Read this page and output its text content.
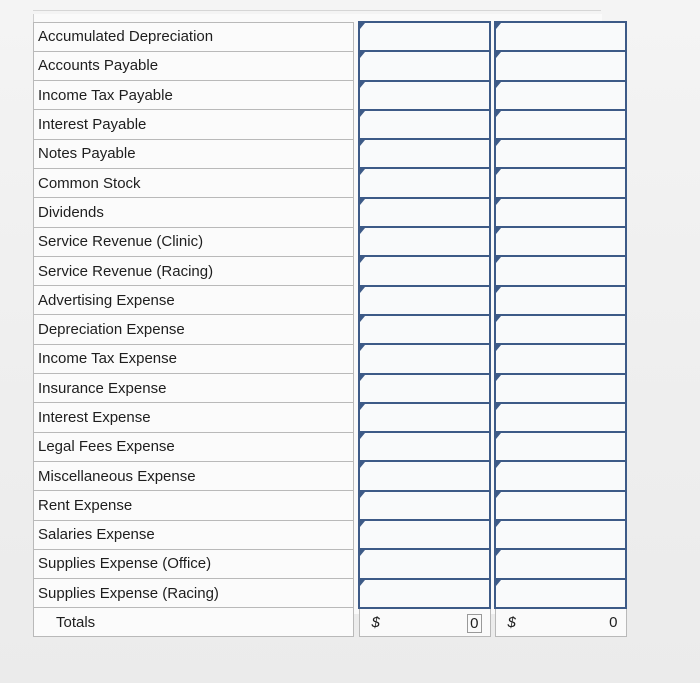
Accumulated Depreciation				
Accounts Payable				
Income Tax Payable				
Interest Payable				
Notes Payable				
Common Stock				
Dividends				
Service Revenue (Clinic)				
Service Revenue (Racing)				
Advertising Expense				
Depreciation Expense				
Income Tax Expense				
Insurance Expense				
Interest Expense				
Legal Fees Expense				
Miscellaneous Expense				
Rent Expense				
Salaries Expense				
Supplies Expense (Office)				
Supplies Expense (Racing)				
Totals		$ 0		$ 0
